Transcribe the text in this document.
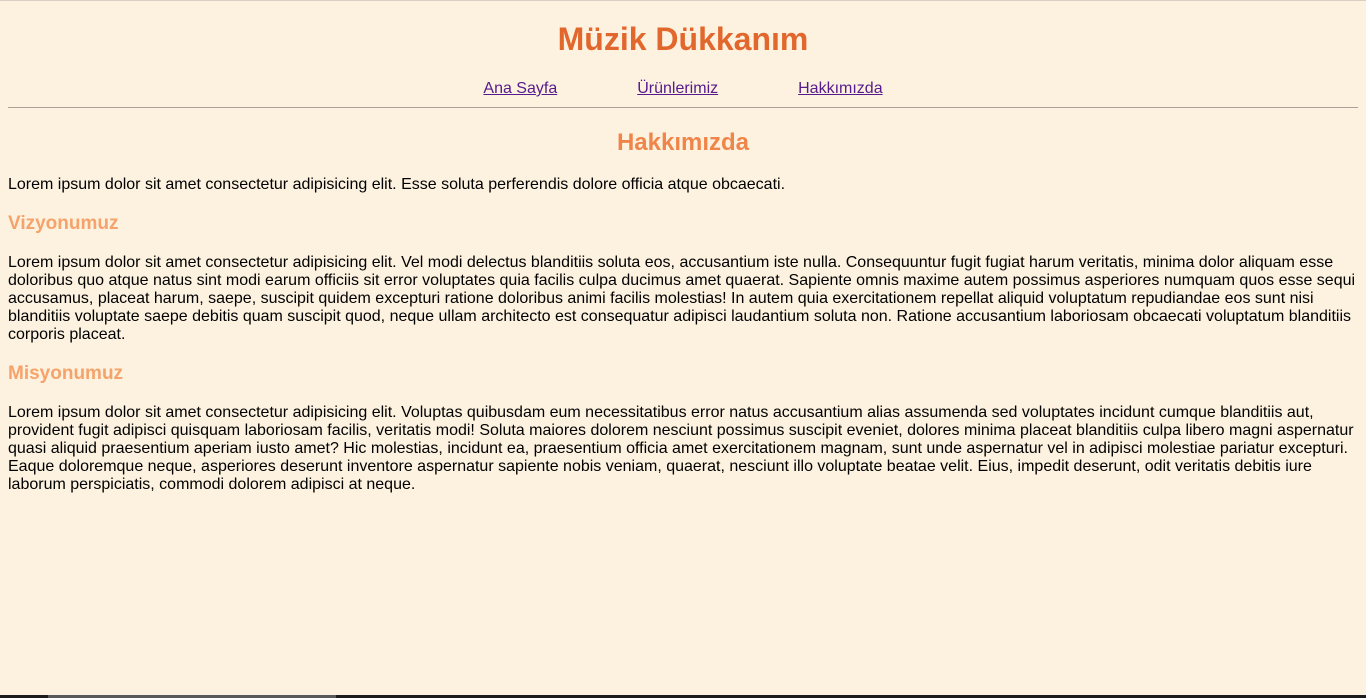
Müzik Dükkanım
Ana Sayfa	Ürünlerimiz	Hakkımızda
Hakkımızda

Lorem ipsum dolor sit amet consectetur adipisicing elit. Esse soluta perferendis dolore officia atque obcaecati.

Vizyonumuz

Lorem ipsum dolor sit amet consectetur adipisicing elit. Vel modi delectus blanditiis soluta eos, accusantium iste nulla. Consequuntur fugit fugiat harum veritatis, minima dolor aliquam esse doloribus quo atque natus sint modi earum officiis sit error voluptates quia facilis culpa ducimus amet quaerat. Sapiente omnis maxime autem possimus asperiores numquam quos esse sequi accusamus, placeat harum, saepe, suscipit quidem excepturi ratione doloribus animi facilis molestias! In autem quia exercitationem repellat aliquid voluptatum repudiandae eos sunt nisi blanditiis voluptate saepe debitis quam suscipit quod, neque ullam architecto est consequatur adipisci laudantium soluta non. Ratione accusantium laboriosam obcaecati voluptatum blanditiis corporis placeat.

Misyonumuz

Lorem ipsum dolor sit amet consectetur adipisicing elit. Voluptas quibusdam eum necessitatibus error natus accusantium alias assumenda sed voluptates incidunt cumque blanditiis aut, provident fugit adipisci quisquam laboriosam facilis, veritatis modi! Soluta maiores dolorem nesciunt possimus suscipit eveniet, dolores minima placeat blanditiis culpa libero magni aspernatur quasi aliquid praesentium aperiam iusto amet? Hic molestias, incidunt ea, praesentium officia amet exercitationem magnam, sunt unde aspernatur vel in adipisci molestiae pariatur excepturi. Eaque doloremque neque, asperiores deserunt inventore aspernatur sapiente nobis veniam, quaerat, nesciunt illo voluptate beatae velit. Eius, impedit deserunt, odit veritatis debitis iure laborum perspiciatis, commodi dolorem adipisci at neque.
